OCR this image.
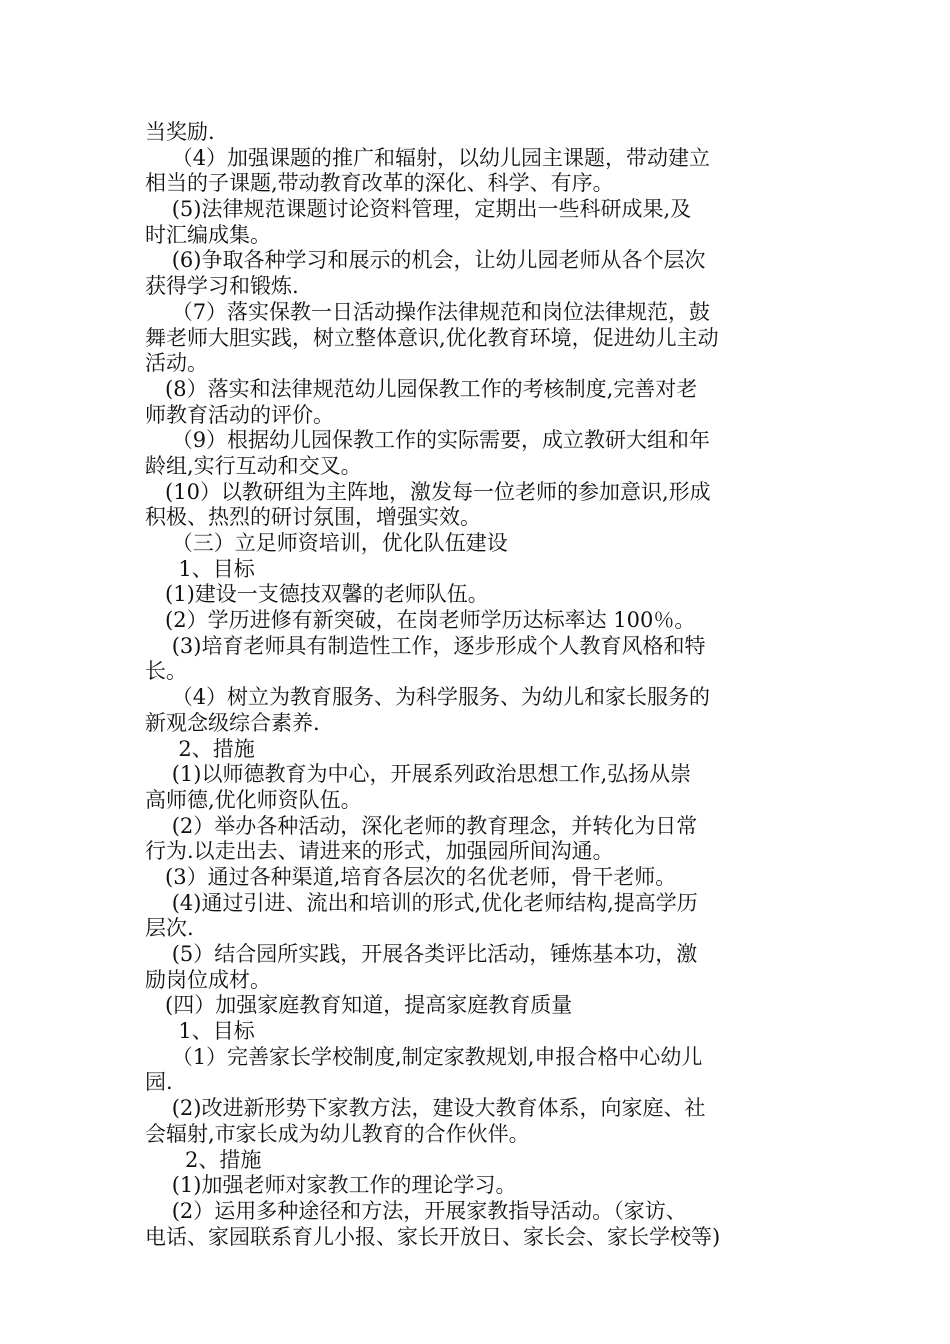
当奖励.
（4）加强课题的推广和辐射，以幼儿园主课题，带动建立
相当的子课题,带动教育改革的深化、科学、有序。
(5)法律规范课题讨论资料管理，定期出一些科研成果,及
时汇编成集。
(6)争取各种学习和展示的机会，让幼儿园老师从各个层次
获得学习和锻炼.
（7）落实保教一日活动操作法律规范和岗位法律规范，鼓
舞老师大胆实践，树立整体意识,优化教育环境，促进幼儿主动
活动。
(8）落实和法律规范幼儿园保教工作的考核制度,完善对老
师教育活动的评价。
（9）根据幼儿园保教工作的实际需要，成立教研大组和年
龄组,实行互动和交叉。
(10）以教研组为主阵地，激发每一位老师的参加意识,形成
积极、热烈的研讨氛围，增强实效。
（三）立足师资培训，优化队伍建设
1、目标
(1)建设一支德技双馨的老师队伍。
(2）学历进修有新突破，在岗老师学历达标率达 100％。
(3)培育老师具有制造性工作，逐步形成个人教育风格和特
长。
（4）树立为教育服务、为科学服务、为幼儿和家长服务的
新观念级综合素养.
2、措施
(1)以师德教育为中心，开展系列政治思想工作,弘扬从崇
高师德,优化师资队伍。
(2）举办各种活动，深化老师的教育理念，并转化为日常
行为.以走出去、请进来的形式，加强园所间沟通。
(3）通过各种渠道,培育各层次的名优老师，骨干老师。
(4)通过引进、流出和培训的形式,优化老师结构,提高学历
层次.
(5）结合园所实践，开展各类评比活动，锤炼基本功，激
励岗位成材。
(四）加强家庭教育知道，提高家庭教育质量
1、目标
（1）完善家长学校制度,制定家教规划,申报合格中心幼儿
园.
(2)改进新形势下家教方法，建设大教育体系，向家庭、社
会辐射,市家长成为幼儿教育的合作伙伴。
2、措施
(1)加强老师对家教工作的理论学习。
(2）运用多种途径和方法，开展家教指导活动。（家访、
电话、家园联系育儿小报、家长开放日、家长会、家长学校等)
